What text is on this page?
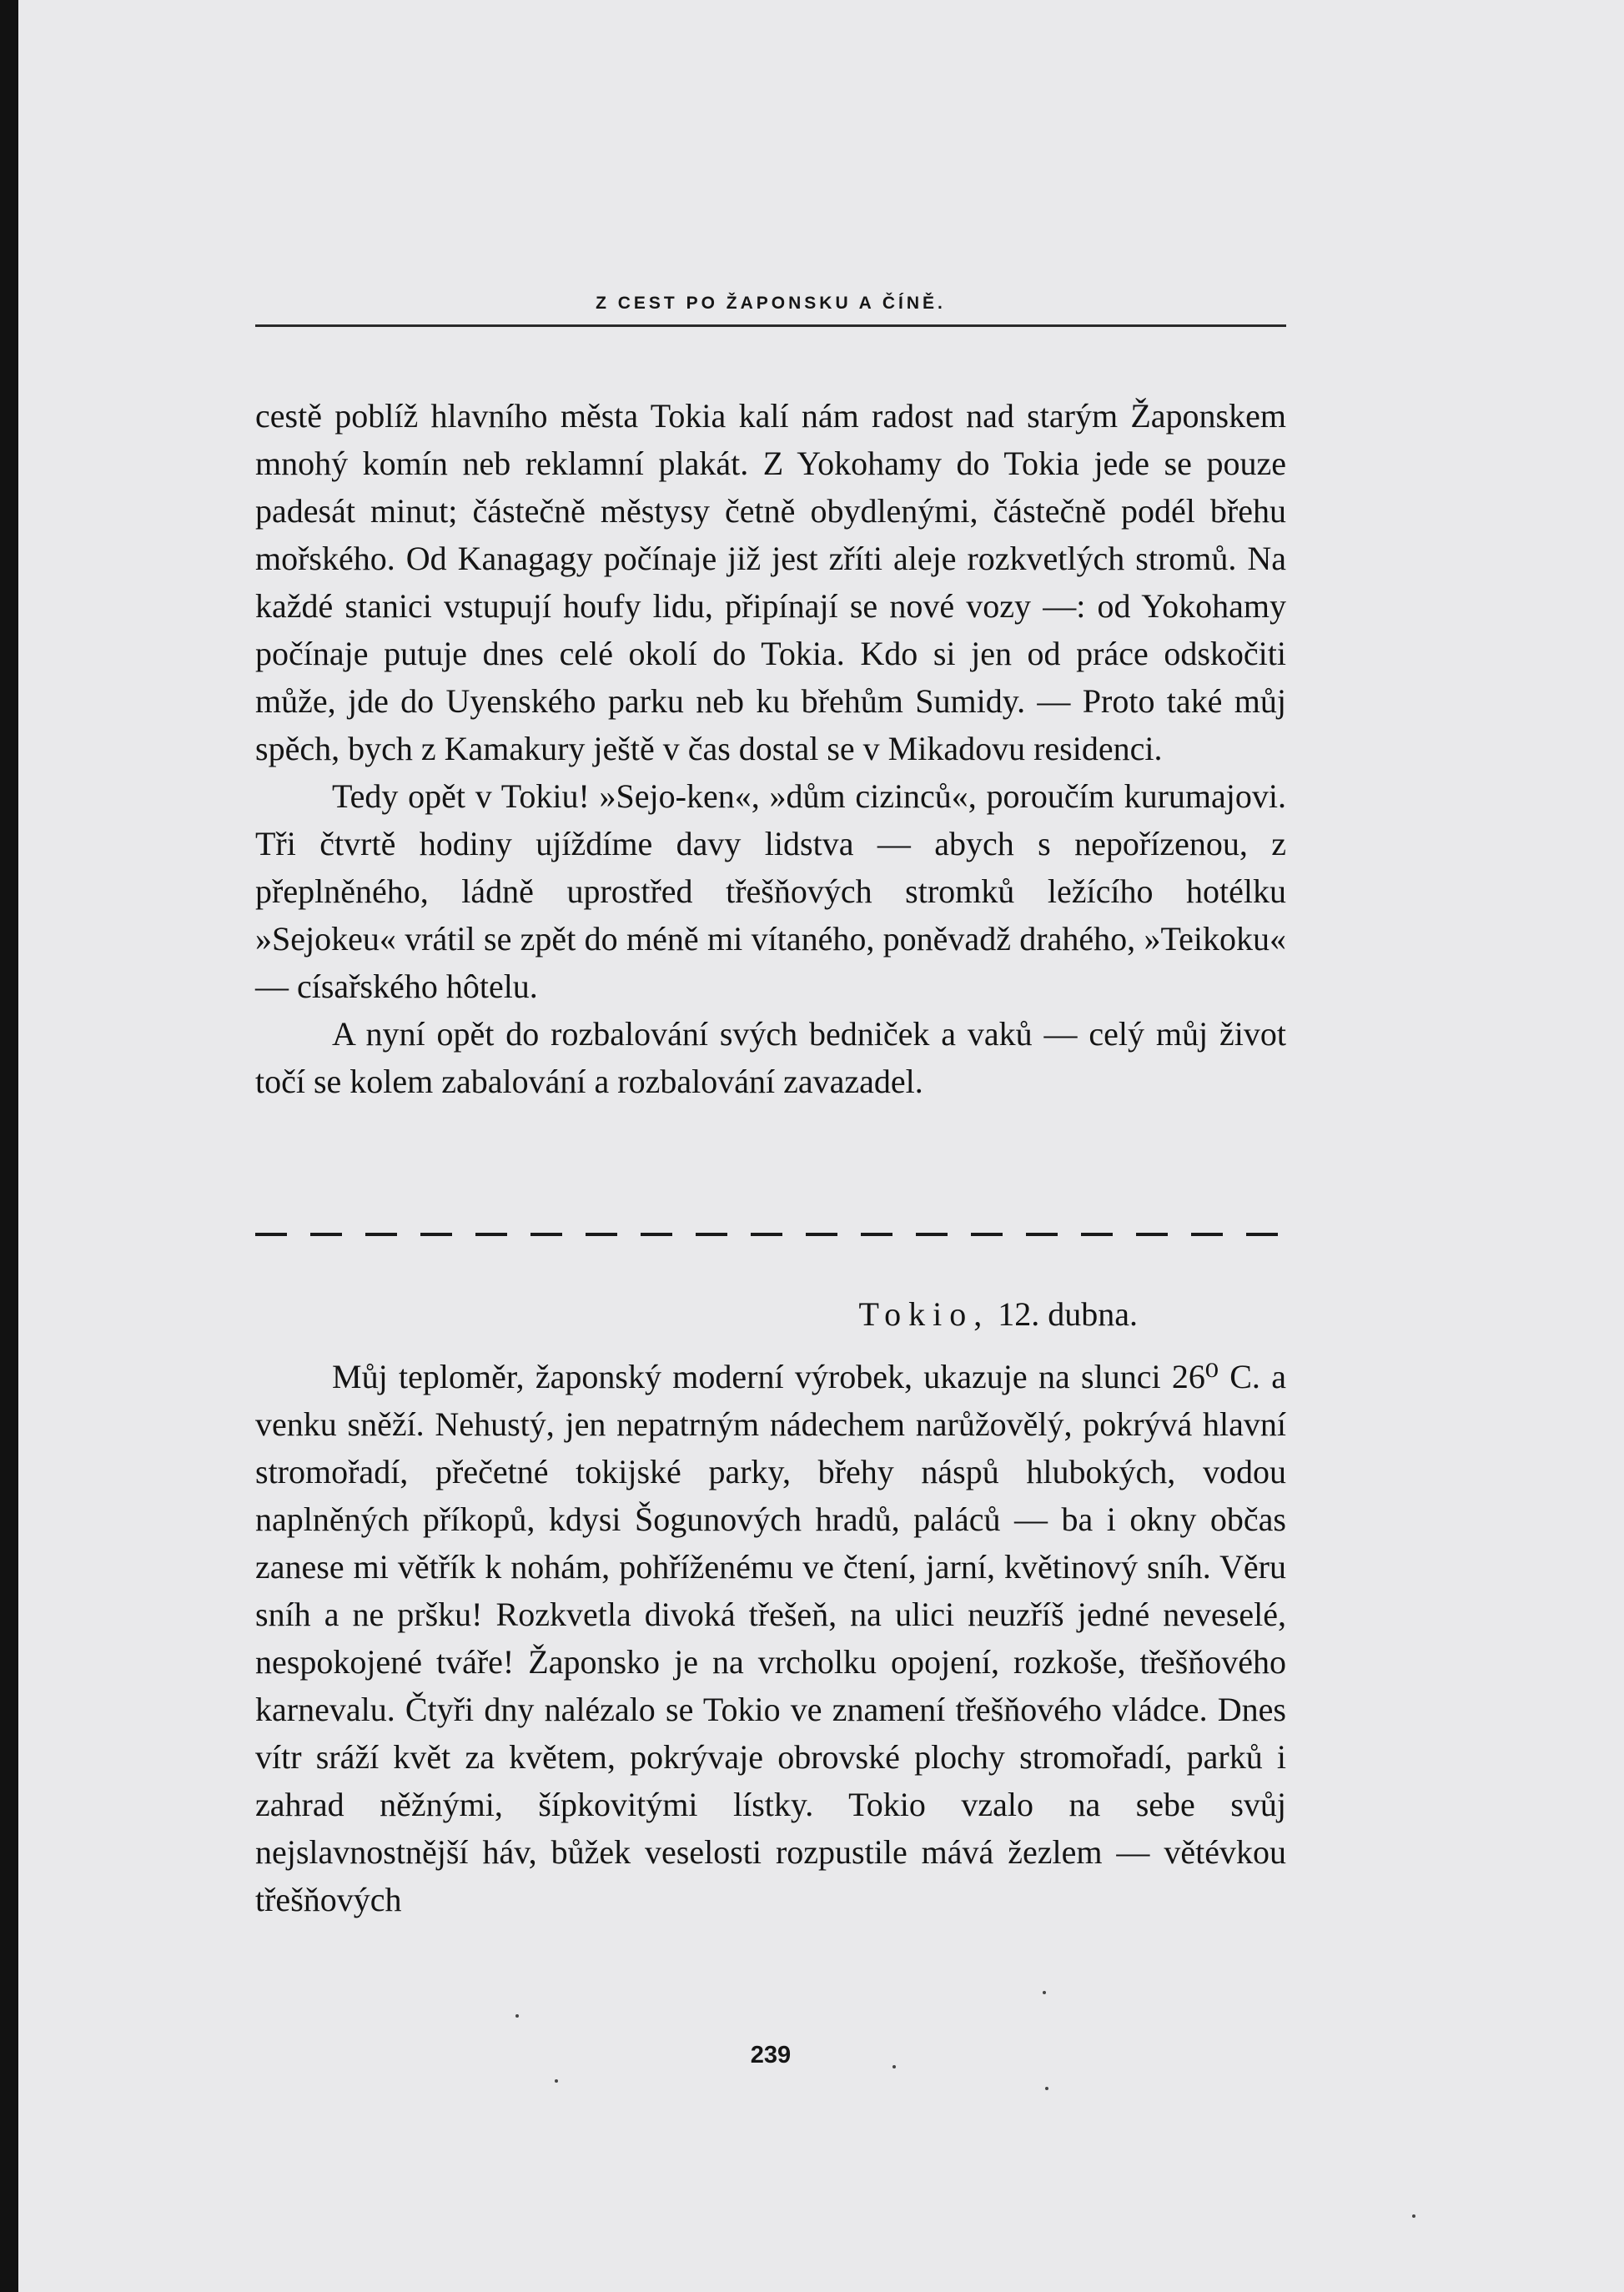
Z CEST PO ŽAPONSKU A ČÍNĚ.

cestě poblíž hlavního města Tokia kalí nám radost nad starým Žaponskem mnohý komín neb reklamní plakát. Z Yokohamy do Tokia jede se pouze padesát minut; částečně městysy četně obydlenými, částečně podél břehu mořského. Od Kanagagy počínaje již jest zříti aleje rozkvetlých stromů. Na každé stanici vstupují houfy lidu, připínají se nové vozy —: od Yokohamy počínaje putuje dnes celé okolí do Tokia. Kdo si jen od práce odskočiti může, jde do Uyenského parku neb ku břehům Sumidy. — Proto také můj spěch, bych z Kamakury ještě v čas dostal se v Mikadovu residenci.

Tedy opět v Tokiu! »Sejo-ken«, »dům cizinců«, poroučím kurumajovi. Tři čtvrtě hodiny ujíždíme davy lidstva — abych s nepořízenou, z přeplněného, ládně uprostřed třešňových stromků ležícího hotélku »Sejokeu« vrátil se zpět do méně mi vítaného, poněvadž drahého, »Teikoku« — císařského hôtelu.

A nyní opět do rozbalování svých bedniček a vaků — celý můj život točí se kolem zabalování a rozbalování zavazadel.

Tokio, 12. dubna.

Můj teploměr, žaponský moderní výrobek, ukazuje na slunci 26⁰ C. a venku sněží. Nehustý, jen nepatrným nádechem narůžovělý, pokrývá hlavní stromořadí, přečetné tokijské parky, břehy náspů hlubokých, vodou naplněných příkopů, kdysi Šogunových hradů, paláců — ba i okny občas zanese mi větřík k nohám, pohříženému ve čtení, jarní, květinový sníh. Věru sníh a ne pršku! Rozkvetla divoká třešeň, na ulici neuzříš jedné neveselé, nespokojené tváře! Žaponsko je na vrcholku opojení, rozkoše, třešňového karnevalu. Čtyři dny nalézalo se Tokio ve znamení třešňového vládce. Dnes vítr sráží květ za květem, pokrývaje obrovské plochy stromořadí, parků i zahrad něžnými, šípkovitými lístky. Tokio vzalo na sebe svůj nejslavnostnější háv, bůžek veselosti rozpustile mává žezlem — větévkou třešňových

239
